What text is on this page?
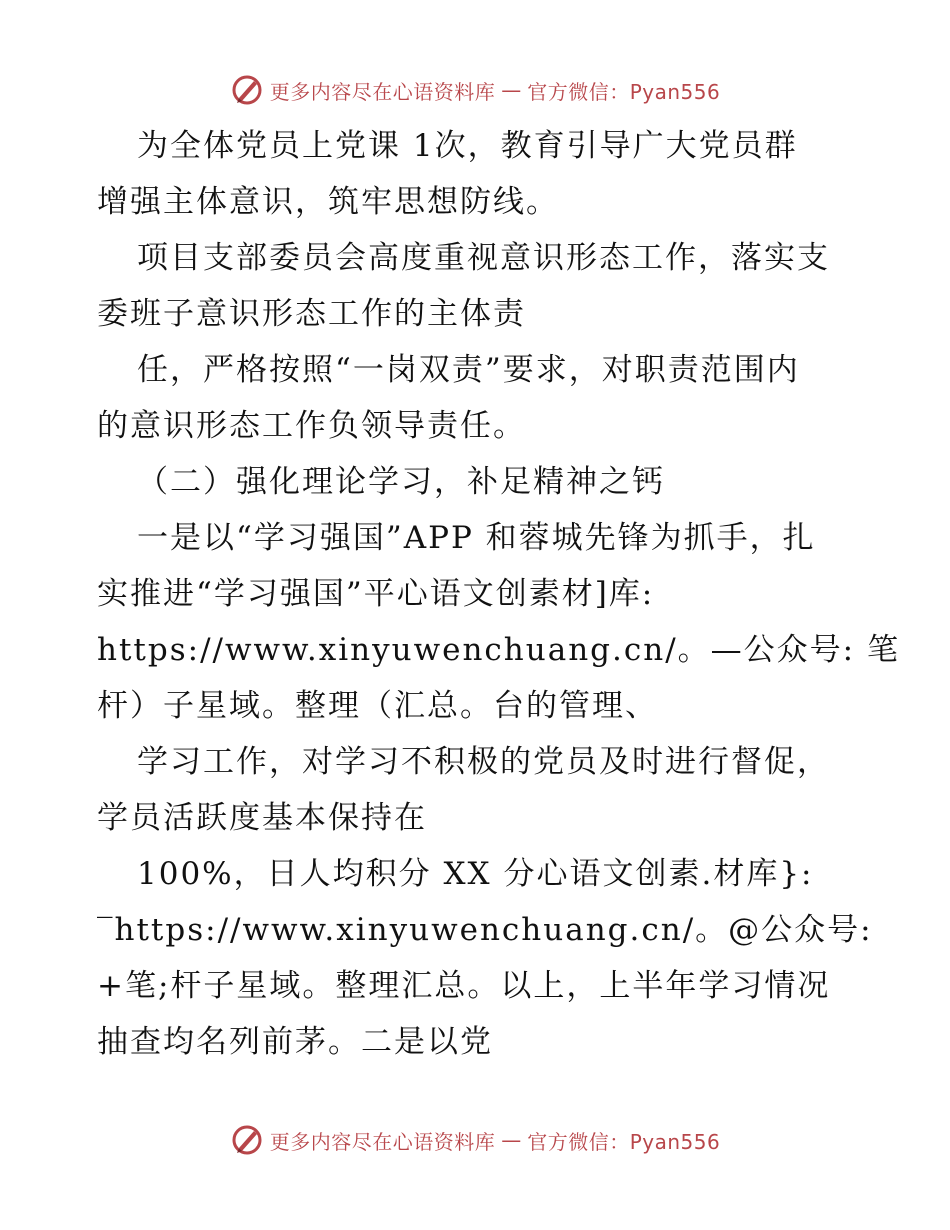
更多内容尽在心语资料库 — 官方微信：Pyan556
为全体党员上党课 1次，教育引导广大党员群
增强主体意识，筑牢思想防线。
项目支部委员会高度重视意识形态工作，落实支
委班子意识形态工作的主体责
任，严格按照“一岗双责”要求，对职责范围内
的意识形态工作负领导责任。
（二）强化理论学习，补足精神之钙
一是以“学习强国”APP 和蓉城先锋为抓手，扎
实推进“学习强国”平心语文创素材]库:
https://www.xinyuwenchuang.cn/。—公众号: 笔
杆）子星域。整理（汇总。台的管理、
学习工作，对学习不积极的党员及时进行督促，
学员活跃度基本保持在
100%，日人均积分 XX 分心语文创素.材库}:
‾https://www.xinyuwenchuang.cn/。@公众号:
+笔;杆子星域。整理汇总。以上，上半年学习情况
抽查均名列前茅。二是以党
更多内容尽在心语资料库 — 官方微信：Pyan556
